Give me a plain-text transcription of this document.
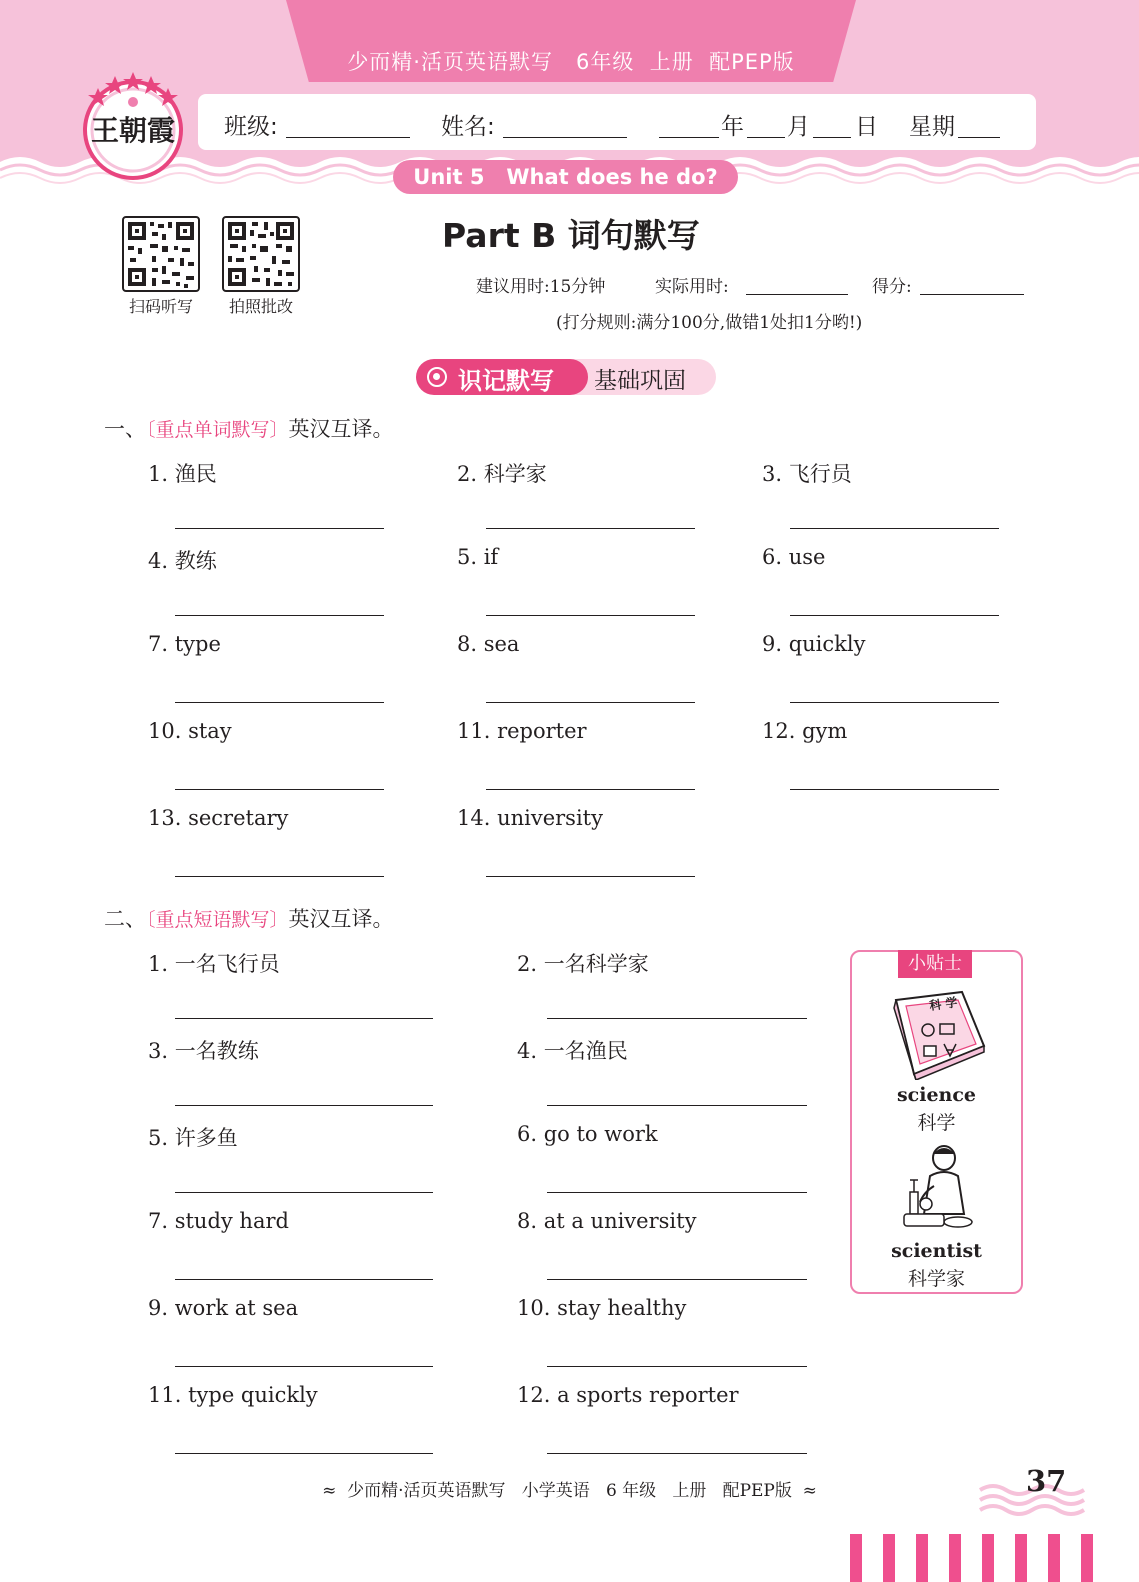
少而精·活页英语默写   6年级  上册  配PEP版
王朝霞 班级:	姓名:	年 月 日 星期
Unit 5   What does he do?
扫码听写	拍照批改
Part B 词句默写
建议用时:15分钟	实际用时:	得分:
(打分规则:满分100分,做错1处扣1分哟!)
识记默写 基础巩固
一、〔重点单词默写〕英汉互译。
1. 渔民	2. 科学家	3. 飞行员
4. 教练	5. if	6. use
7. type	8. sea	9. quickly
10. stay	11. reporter	12. gym
13. secretary	14. university
二、〔重点短语默写〕英汉互译。
1. 一名飞行员	2. 一名科学家
3. 一名教练	4. 一名渔民
5. 许多鱼	6. go to work
7. study hard	8. at a university
9. work at sea	10. stay healthy
11. type quickly	12. a sports reporter
小贴士
科 学
science
科学
scientist
科学家
≈  少而精·活页英语默写   小学英语   6 年级   上册   配PEP版  ≈	37
